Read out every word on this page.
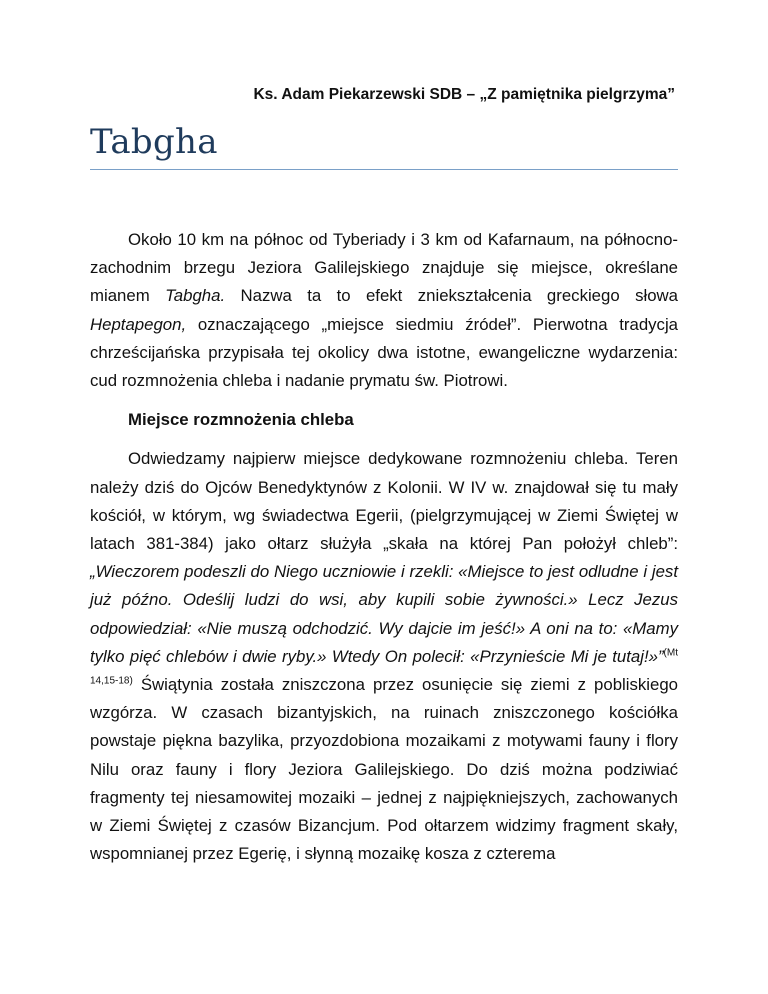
Ks. Adam Piekarzewski SDB – „Z pamiętnika pielgrzyma”
Tabgha

Około 10 km na północ od Tyberiady i 3 km od Kafarnaum, na północno-zachodnim brzegu Jeziora Galilejskiego znajduje się miejsce, określane mianem Tabgha. Nazwa ta to efekt zniekształcenia greckiego słowa Heptapegon, oznaczającego „miejsce siedmiu źródeł”. Pierwotna tradycja chrześcijańska przypisała tej okolicy dwa istotne, ewangeliczne wydarzenia: cud rozmnożenia chleba i nadanie prymatu św. Piotrowi.

Miejsce rozmnożenia chleba

Odwiedzamy najpierw miejsce dedykowane rozmnożeniu chleba. Teren należy dziś do Ojców Benedyktynów z Kolonii. W IV w. znajdował się tu mały kościół, w którym, wg świadectwa Egerii, (pielgrzymującej w Ziemi Świętej w latach 381-384) jako ołtarz służyła „skała na której Pan położył chleb”: „Wieczorem podeszli do Niego uczniowie i rzekli: «Miejsce to jest odludne i jest już późno. Odeślij ludzi do wsi, aby kupili sobie żywności.» Lecz Jezus odpowiedział: «Nie muszą odchodzić. Wy dajcie im jeść!» A oni na to: «Mamy tylko pięć chlebów i dwie ryby.» Wtedy On polecił: «Przynieście Mi je tutaj!»”$^{(Mt 14,15-18)}$ Świątynia została zniszczona przez osunięcie się ziemi z pobliskiego wzgórza. W czasach bizantyjskich, na ruinach zniszczonego kościółka powstaje piękna bazylika, przyozdobiona mozaikami z motywami fauny i flory Nilu oraz fauny i flory Jeziora Galilejskiego. Do dziś można podziwiać fragmenty tej niesamowitej mozaiki – jednej z najpiękniejszych, zachowanych w Ziemi Świętej z czasów Bizancjum. Pod ołtarzem widzimy fragment skały, wspomnianej przez Egerię, i słynną mozaikę kosza z czterema
